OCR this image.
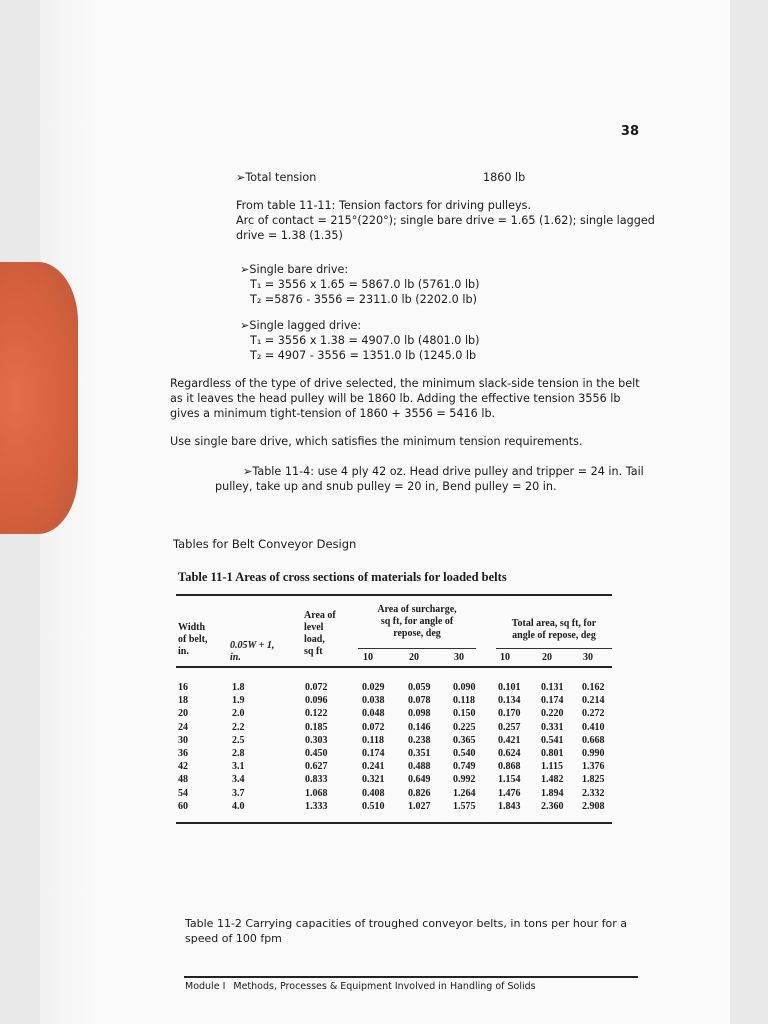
38
➢Total tension	1860 lb
From table 11-11: Tension factors for driving pulleys.
Arc of contact = 215°(220°); single bare drive = 1.65 (1.62); single lagged
drive = 1.38 (1.35)
➢Single bare drive:
T₁ = 3556 x 1.65 = 5867.0 lb (5761.0 lb)
T₂ =5876 - 3556 = 2311.0 lb (2202.0 lb)
➢Single lagged drive:
T₁ = 3556 x 1.38 = 4907.0 lb (4801.0 lb)
T₂ = 4907 - 3556 = 1351.0 lb (1245.0 lb
Regardless of the type of drive selected, the minimum slack-side tension in the belt
as it leaves the head pulley will be 1860 lb. Adding the effective tension 3556 lb
gives a minimum tight-tension of 1860 + 3556 = 5416 lb.
Use single bare drive, which satisfies the minimum tension requirements.
➢Table 11-4: use 4 ply 42 oz. Head drive pulley and tripper = 24 in. Tail
pulley, take up and snub pulley = 20 in, Bend pulley = 20 in.
Tables for Belt Conveyor Design
Table 11-1 Areas of cross sections of materials for loaded belts
Width
of belt,
in.
0.05W + 1,
in.
Area of
level
load,
sq ft
Area of surcharge,
sq ft, for angle of
repose, deg
Total area, sq ft, for
angle of repose, deg
10	20	30	10	20	30
16	1.8	0.072	0.029 0.059 0.090 0.101 0.131 0.162
18	1.9	0.096	0.038 0.078 0.118 0.134 0.174 0.214
20	2.0	0.122	0.048 0.098 0.150 0.170 0.220 0.272
24	2.2	0.185	0.072 0.146 0.225 0.257 0.331 0.410
30	2.5	0.303	0.118 0.238 0.365 0.421 0.541 0.668
36	2.8	0.450	0.174 0.351 0.540 0.624 0.801 0.990
42	3.1	0.627	0.241 0.488 0.749 0.868 1.115 1.376
48	3.4	0.833	0.321 0.649 0.992 1.154 1.482 1.825
54	3.7	1.068	0.408 0.826 1.264 1.476 1.894 2.332
60	4.0	1.333	0.510 1.027 1.575 1.843 2.360 2.908
Table 11-2 Carrying capacities of troughed conveyor belts, in tons per hour for a
speed of 100 fpm
Module I Methods, Processes & Equipment Involved in Handling of Solids
